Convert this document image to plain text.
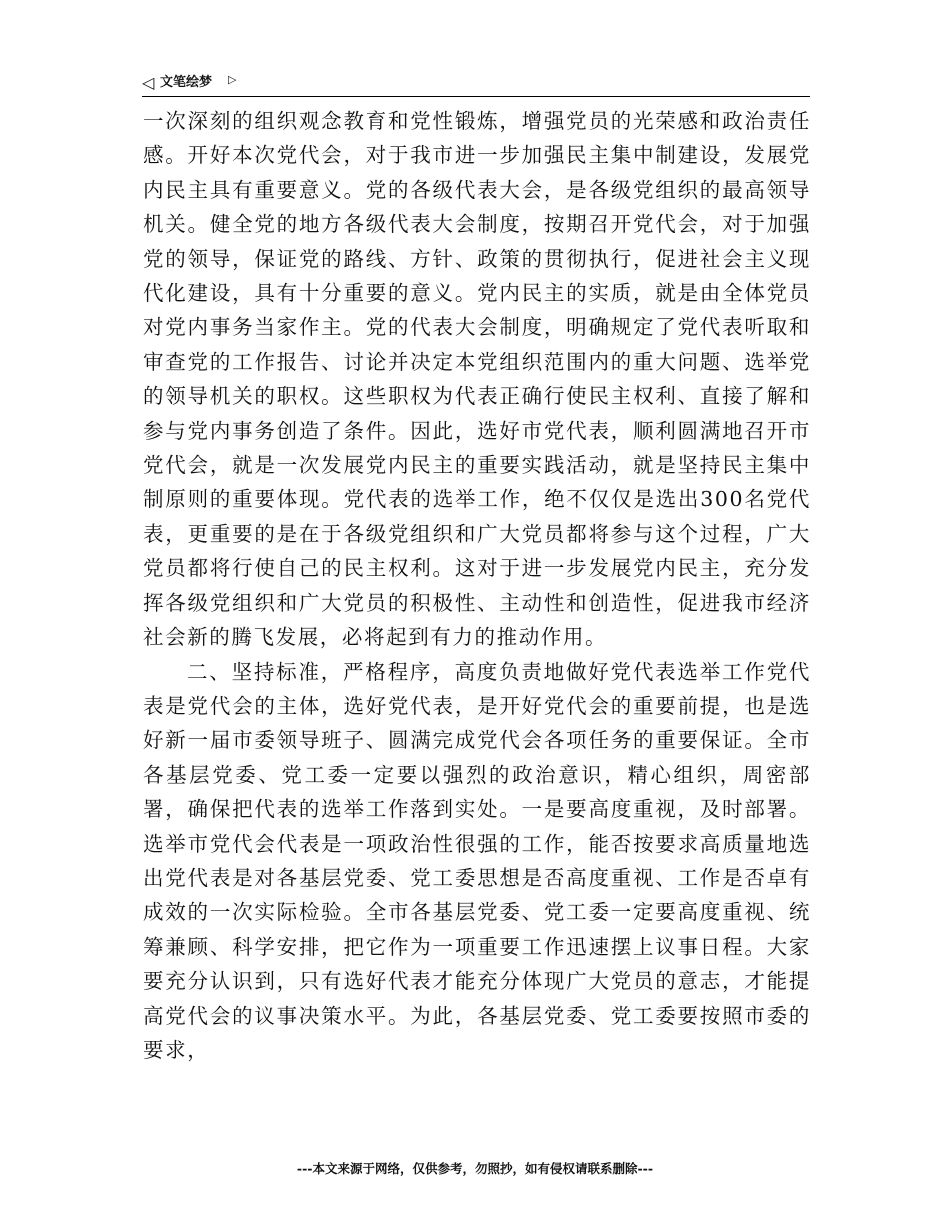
◁ 文笔绘梦 ▷

一次深刻的组织观念教育和党性锻炼，增强党员的光荣感和政治责任感。开好本次党代会，对于我市进一步加强民主集中制建设，发展党内民主具有重要意义。党的各级代表大会，是各级党组织的最高领导机关。健全党的地方各级代表大会制度，按期召开党代会，对于加强党的领导，保证党的路线、方针、政策的贯彻执行，促进社会主义现代化建设，具有十分重要的意义。党内民主的实质，就是由全体党员对党内事务当家作主。党的代表大会制度，明确规定了党代表听取和审查党的工作报告、讨论并决定本党组织范围内的重大问题、选举党的领导机关的职权。这些职权为代表正确行使民主权利、直接了解和参与党内事务创造了条件。因此，选好市党代表，顺利圆满地召开市党代会，就是一次发展党内民主的重要实践活动，就是坚持民主集中制原则的重要体现。党代表的选举工作，绝不仅仅是选出300名党代表，更重要的是在于各级党组织和广大党员都将参与这个过程，广大党员都将行使自己的民主权利。这对于进一步发展党内民主，充分发挥各级党组织和广大党员的积极性、主动性和创造性，促进我市经济社会新的腾飞发展，必将起到有力的推动作用。

二、坚持标准，严格程序，高度负责地做好党代表选举工作党代表是党代会的主体，选好党代表，是开好党代会的重要前提，也是选好新一届市委领导班子、圆满完成党代会各项任务的重要保证。全市各基层党委、党工委一定要以强烈的政治意识，精心组织，周密部署，确保把代表的选举工作落到实处。一是要高度重视，及时部署。选举市党代会代表是一项政治性很强的工作，能否按要求高质量地选出党代表是对各基层党委、党工委思想是否高度重视、工作是否卓有成效的一次实际检验。全市各基层党委、党工委一定要高度重视、统筹兼顾、科学安排，把它作为一项重要工作迅速摆上议事日程。大家要充分认识到，只有选好代表才能充分体现广大党员的意志，才能提高党代会的议事决策水平。为此，各基层党委、党工委要按照市委的要求，

---本文来源于网络，仅供参考，勿照抄，如有侵权请联系删除---
